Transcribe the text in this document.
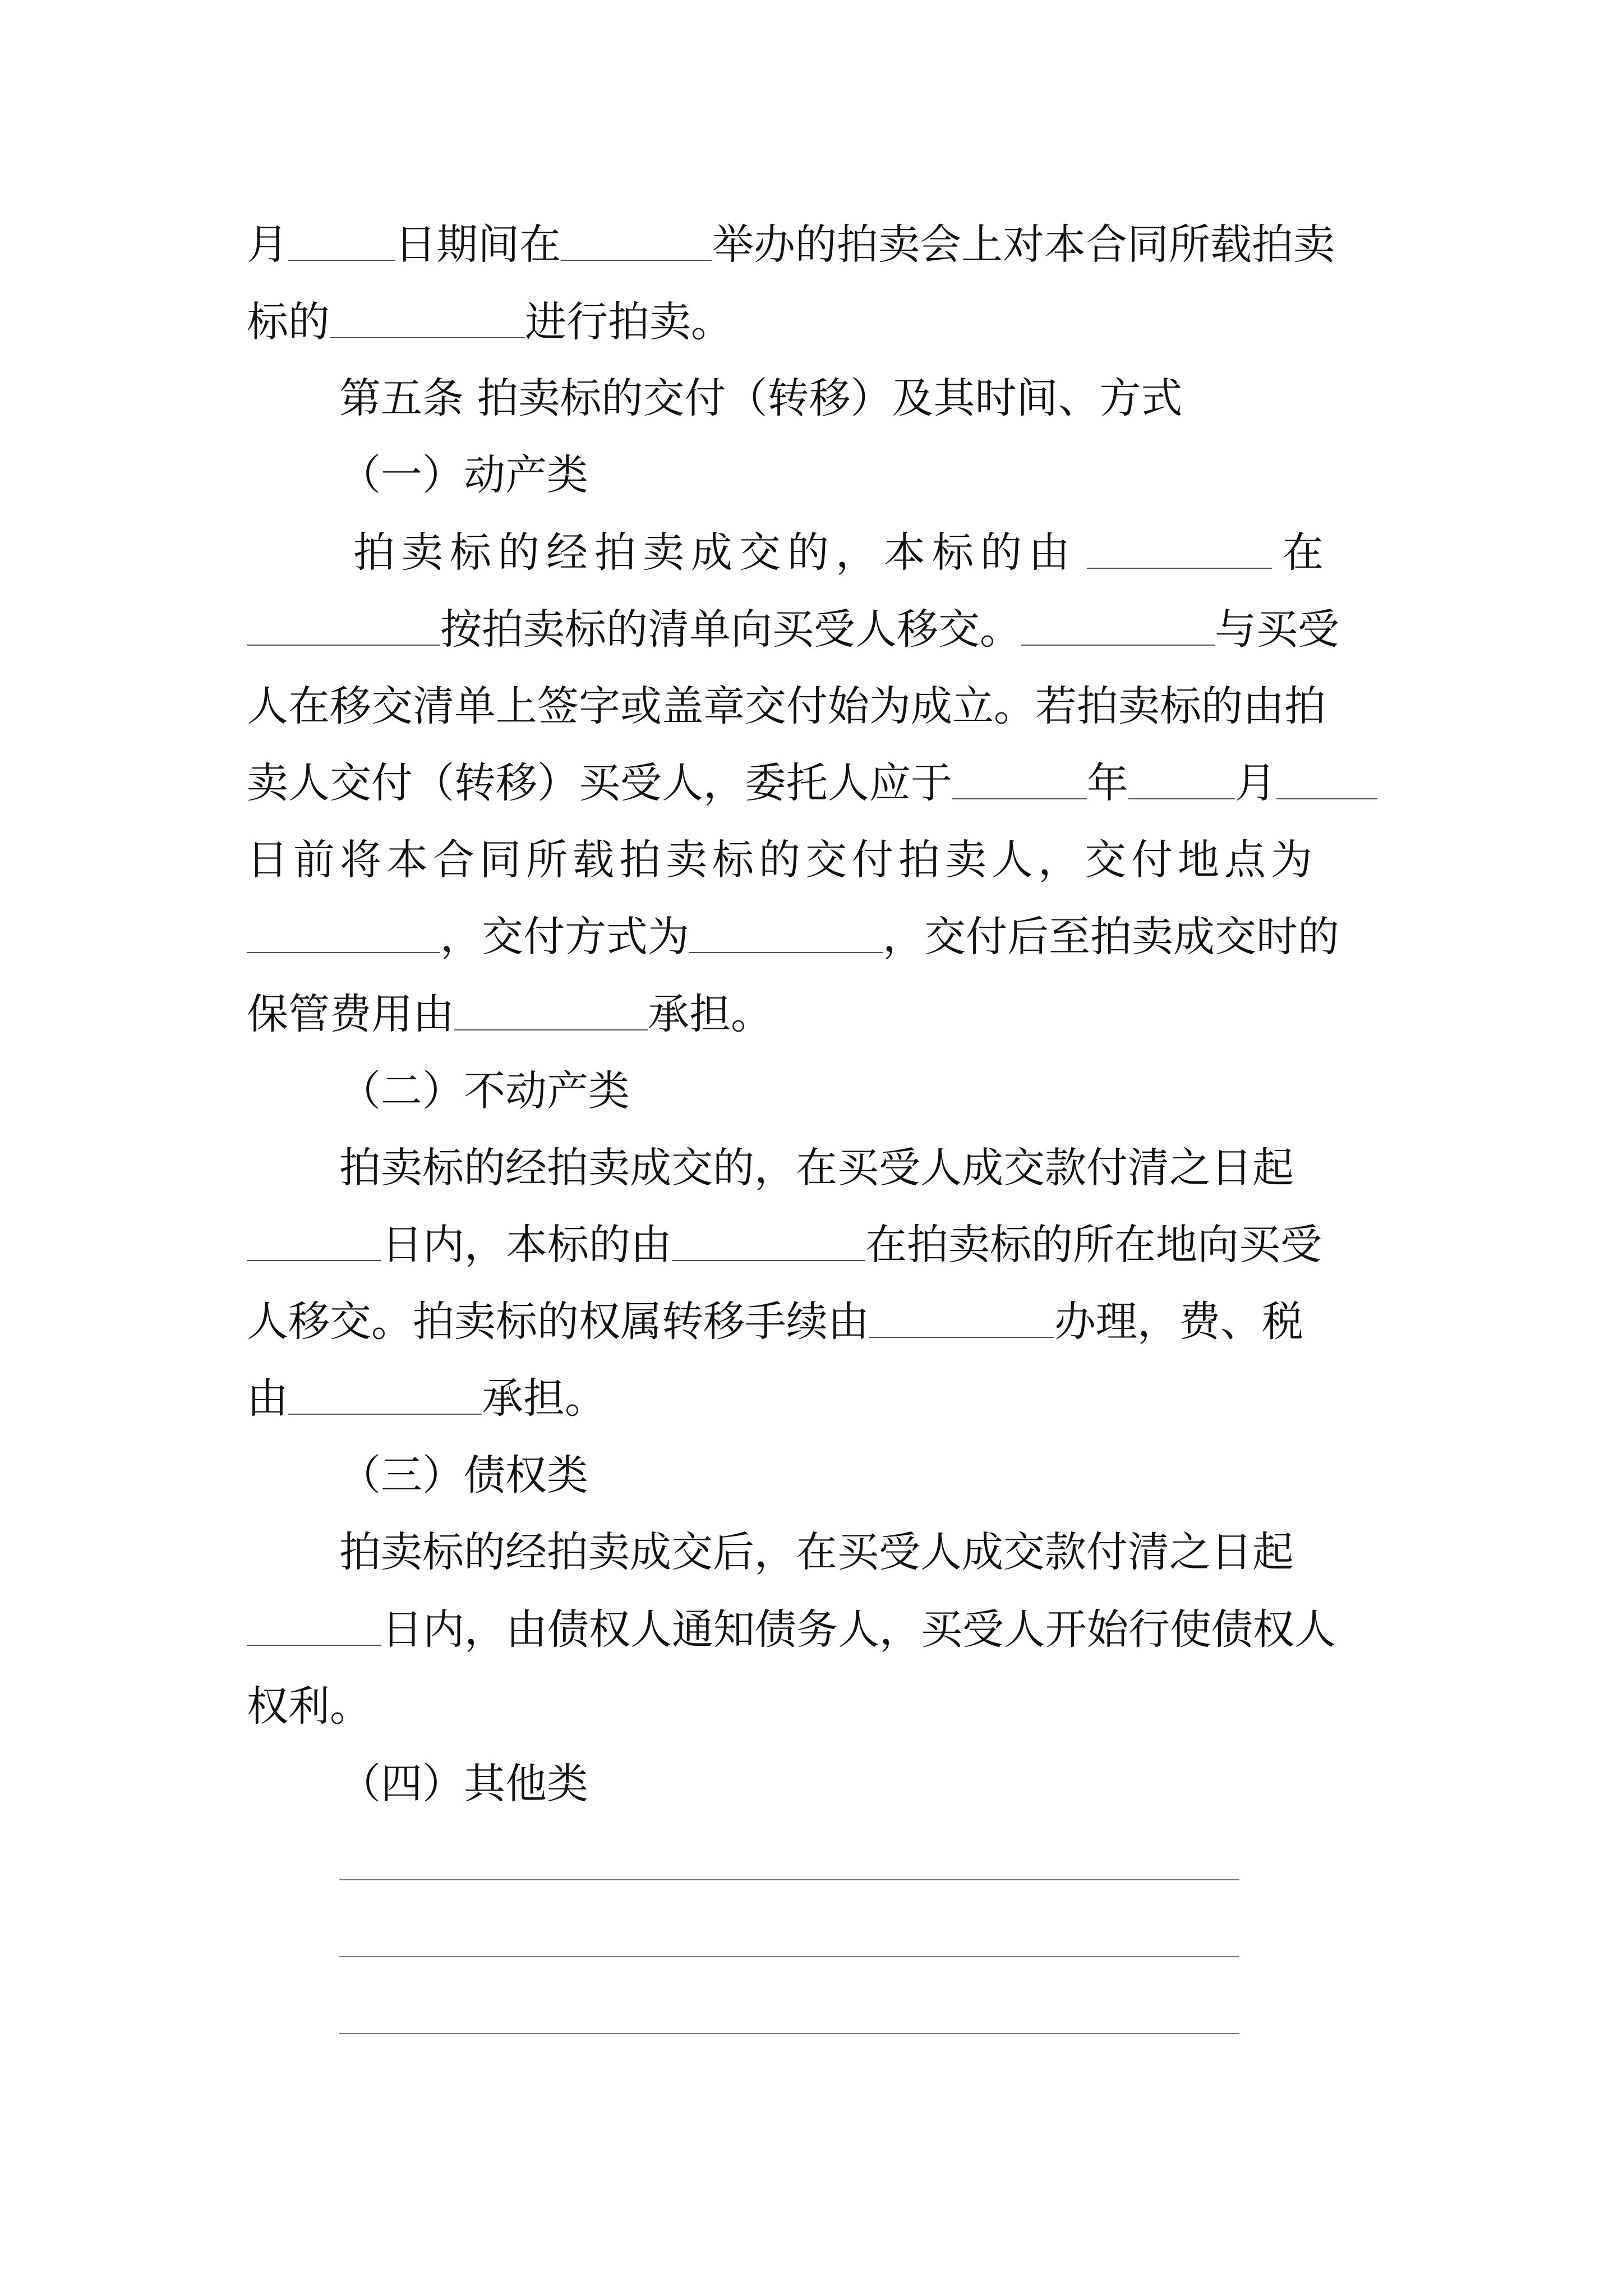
月	日期间在	举办的拍卖会上对本合同所载拍卖
标的	进行拍卖。
第五条 拍卖标的交付（转移）及其时间、方式
（一）动产类
拍卖标的经拍卖成交的，本标的由	在
按拍卖标的清单向买受人移交。	与买受
人在移交清单上签字或盖章交付始为成立。若拍卖标的由拍
卖人交付（转移）买受人，委托人应于	年	月
日前将本合同所载拍卖标的交付拍卖人，交付地点为
，交付方式为	，交付后至拍卖成交时的
保管费用由	承担。
（二）不动产类
拍卖标的经拍卖成交的，在买受人成交款付清之日起
日内，本标的由	在拍卖标的所在地向买受
人移交。拍卖标的权属转移手续由	办理，费、税
由	承担。
（三）债权类
拍卖标的经拍卖成交后，在买受人成交款付清之日起
日内，由债权人通知债务人，买受人开始行使债权人
权利。
（四）其他类
